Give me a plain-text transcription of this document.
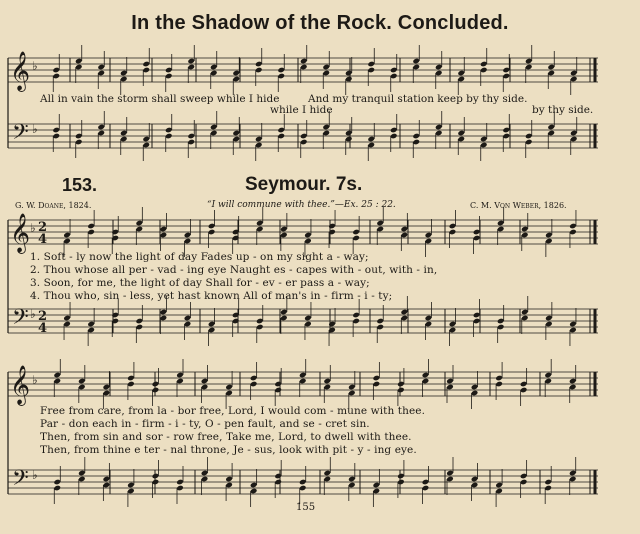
In the Shadow of the Rock. Concluded.
𝄞
𝄢
♭
♭
𝄞
𝄢
♭
♭
2
4
2
4
𝄞
𝄢
♭
♭
All in vain the storm shall sweep while I hide
while I hide
And my tranquil station keep by thy side.
by thy side.
153.	Seymour. 7s.
G. W. Doane, 1824.	“I will commune with thee.”—Ex. 25 : 22.	C. M. Von Weber, 1826.
1. Soft - ly now the light of day Fades up - on my sight a - way;
2. Thou whose all per - vad - ing eye Naught es - capes with - out, with - in,
3. Soon, for me, the light of day Shall for - ev - er pass a - way;
4. Thou who, sin - less, yet hast known All of man's in - firm - i - ty;
Free from care, from la - bor free, Lord, I would com - mune with thee.
Par - don each in - firm - i - ty, O - pen fault, and se - cret sin.
Then, from sin and sor - row free, Take me, Lord, to dwell with thee.
Then, from thine e ter - nal throne, Je - sus, look with pit - y - ing eye.
155
